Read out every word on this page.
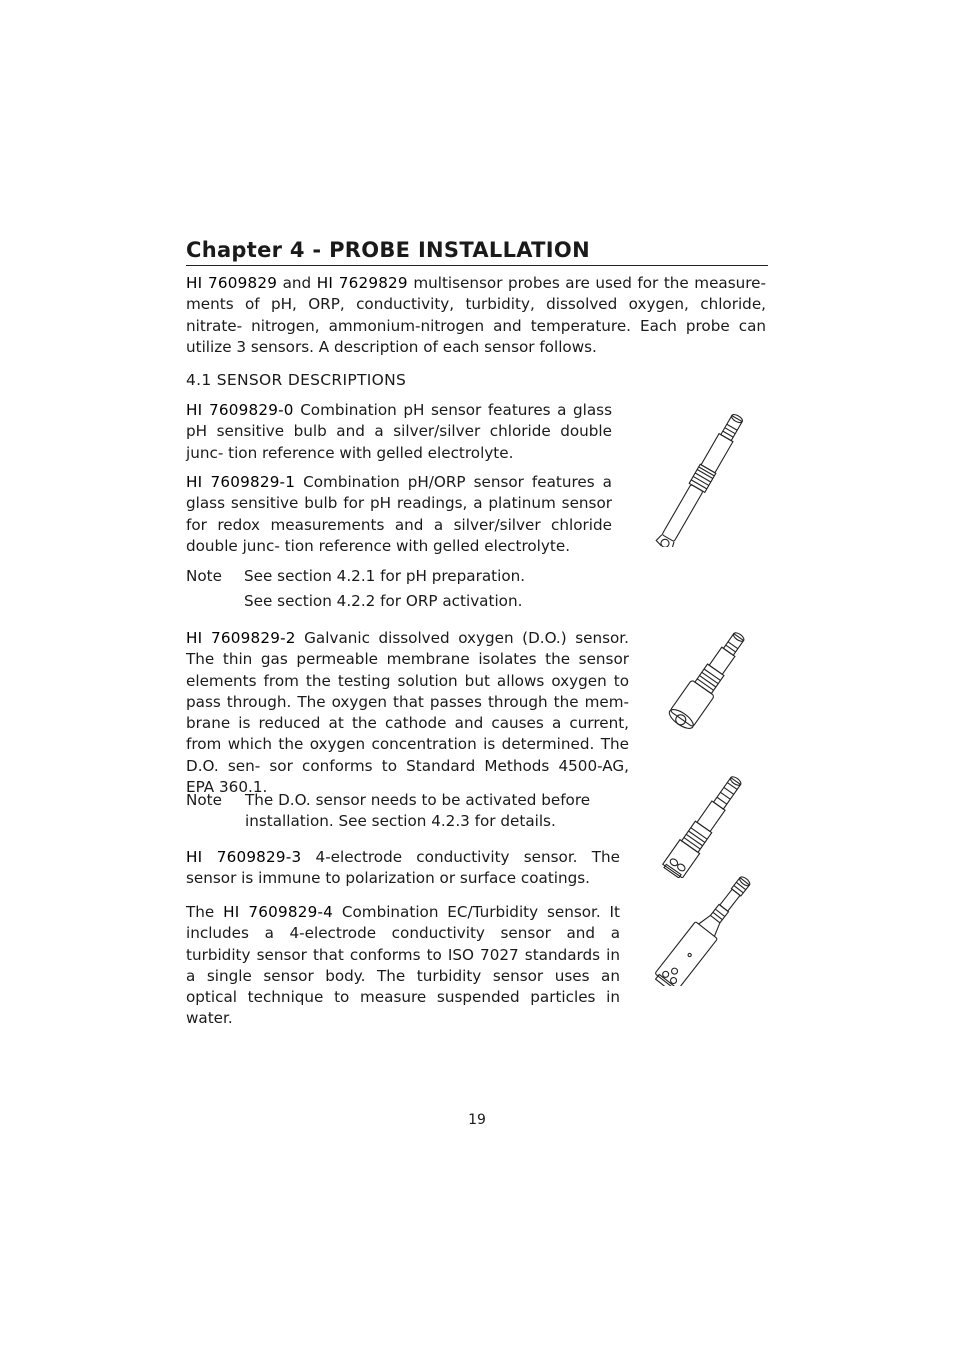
Chapter 4 - PROBE INSTALLATION

HI 7609829 and HI 7629829 multisensor probes are used for the measure- ments of pH, ORP, conductivity, turbidity, dissolved oxygen, chloride, nitrate- nitrogen, ammonium-nitrogen and temperature. Each probe can utilize 3 sensors. A description of each sensor follows.

4.1 SENSOR DESCRIPTIONS

HI 7609829-0 Combination pH sensor features a glass pH sensitive bulb and a silver/silver chloride double junc- tion reference with gelled electrolyte.

HI 7609829-1 Combination pH/ORP sensor features a glass sensitive bulb for pH readings, a platinum sensor for redox measurements and a silver/silver chloride double junc- tion reference with gelled electrolyte.

Note See section 4.2.1 for pH preparation.

See section 4.2.2 for ORP activation.

HI 7609829-2 Galvanic dissolved oxygen (D.O.) sensor. The thin gas permeable membrane isolates the sensor elements from the testing solution but allows oxygen to pass through. The oxygen that passes through the mem- brane is reduced at the cathode and causes a current, from which the oxygen concentration is determined. The D.O. sen- sor conforms to Standard Methods 4500-AG, EPA 360.1.

Note The D.O. sensor needs to be activated before installation. See section 4.2.3 for details.

HI 7609829-3 4-electrode conductivity sensor. The sensor is immune to polarization or surface coatings.

The HI 7609829-4 Combination EC/Turbidity sensor. It includes a 4-electrode conductivity sensor and a turbidity sensor that conforms to ISO 7027 standards in a single sensor body. The turbidity sensor uses an optical technique to measure suspended particles in water.

19
